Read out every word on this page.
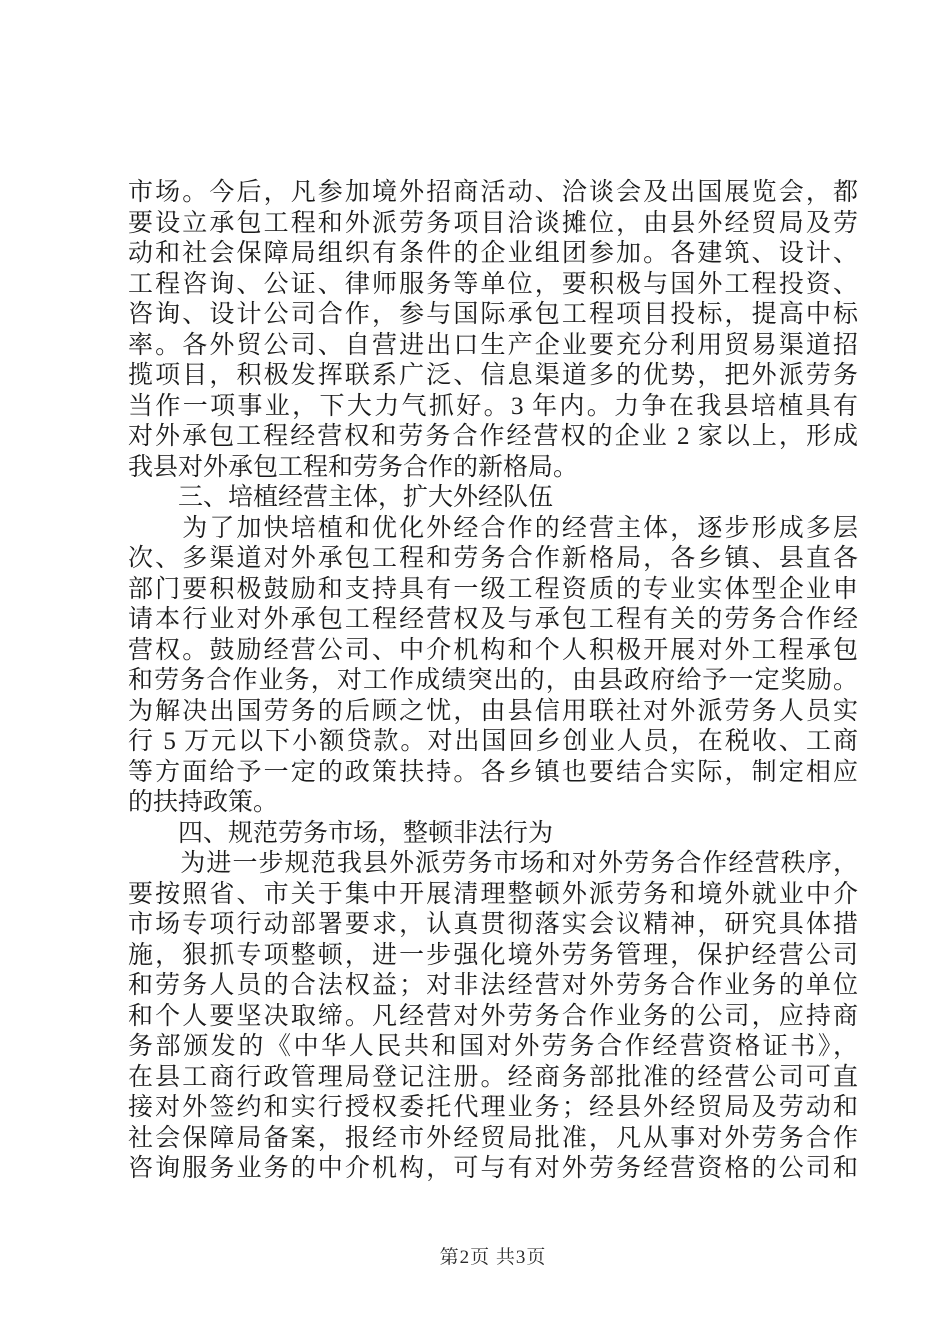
市场。今后，凡参加境外招商活动、洽谈会及出国展览会，都
要设立承包工程和外派劳务项目洽谈摊位，由县外经贸局及劳
动和社会保障局组织有条件的企业组团参加。各建筑、设计、
工程咨询、公证、律师服务等单位，要积极与国外工程投资、
咨询、设计公司合作，参与国际承包工程项目投标，提高中标
率。各外贸公司、自营进出口生产企业要充分利用贸易渠道招
揽项目，积极发挥联系广泛、信息渠道多的优势，把外派劳务
当作一项事业，下大力气抓好。3 年内。力争在我县培植具有
对外承包工程经营权和劳务合作经营权的企业 2 家以上，形成
我县对外承包工程和劳务合作的新格局。
　　三、培植经营主体，扩大外经队伍
　　为了加快培植和优化外经合作的经营主体，逐步形成多层
次、多渠道对外承包工程和劳务合作新格局，各乡镇、县直各
部门要积极鼓励和支持具有一级工程资质的专业实体型企业申
请本行业对外承包工程经营权及与承包工程有关的劳务合作经
营权。鼓励经营公司、中介机构和个人积极开展对外工程承包
和劳务合作业务，对工作成绩突出的，由县政府给予一定奖励。
为解决出国劳务的后顾之忧，由县信用联社对外派劳务人员实
行 5 万元以下小额贷款。对出国回乡创业人员，在税收、工商
等方面给予一定的政策扶持。各乡镇也要结合实际，制定相应
的扶持政策。
　　四、规范劳务市场，整顿非法行为
　　为进一步规范我县外派劳务市场和对外劳务合作经营秩序，
要按照省、市关于集中开展清理整顿外派劳务和境外就业中介
市场专项行动部署要求，认真贯彻落实会议精神，研究具体措
施，狠抓专项整顿，进一步强化境外劳务管理，保护经营公司
和劳务人员的合法权益；对非法经营对外劳务合作业务的单位
和个人要坚决取缔。凡经营对外劳务合作业务的公司，应持商
务部颁发的《中华人民共和国对外劳务合作经营资格证书》，
在县工商行政管理局登记注册。经商务部批准的经营公司可直
接对外签约和实行授权委托代理业务；经县外经贸局及劳动和
社会保障局备案，报经市外经贸局批准，凡从事对外劳务合作
咨询服务业务的中介机构，可与有对外劳务经营资格的公司和
第2页 共3页
